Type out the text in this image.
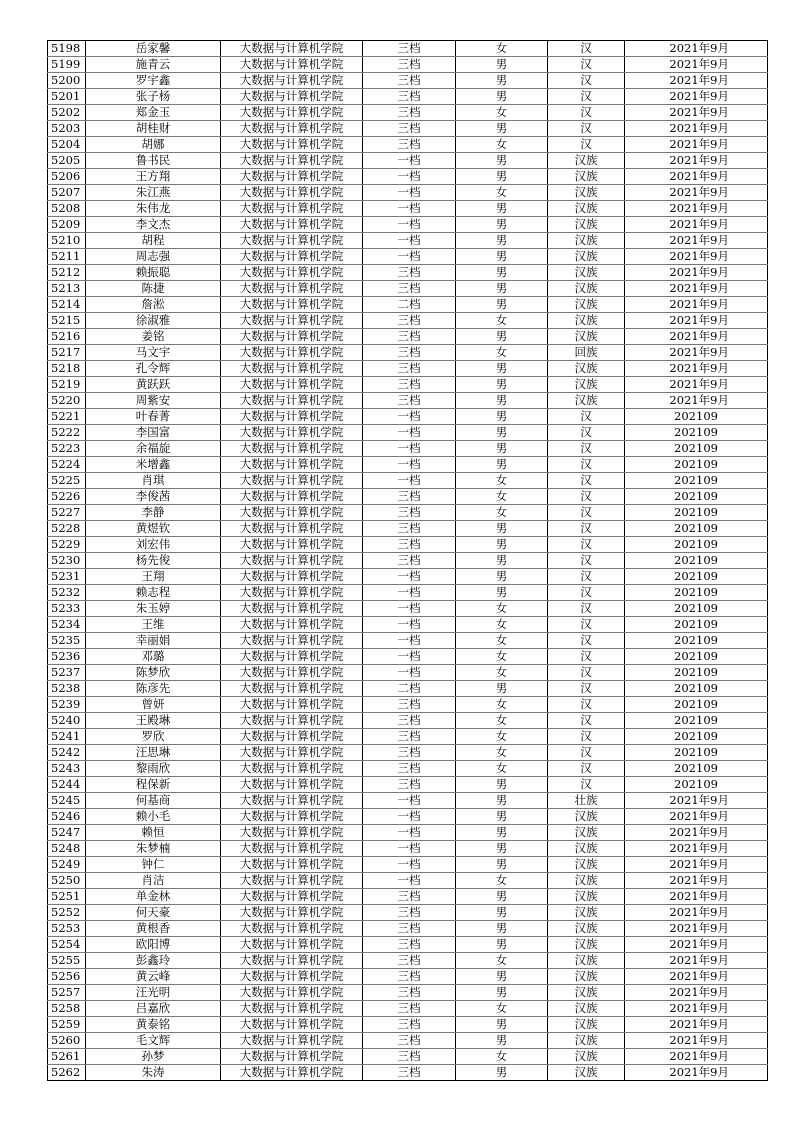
5198	岳家馨	大数据与计算机学院	三档	女	汉	2021年9月
5199	施青云	大数据与计算机学院	三档	男	汉	2021年9月
5200	罗宇鑫	大数据与计算机学院	三档	男	汉	2021年9月
5201	张子杨	大数据与计算机学院	三档	男	汉	2021年9月
5202	郑金玉	大数据与计算机学院	三档	女	汉	2021年9月
5203	胡桂财	大数据与计算机学院	三档	男	汉	2021年9月
5204	胡娜	大数据与计算机学院	三档	女	汉	2021年9月
5205	鲁书民	大数据与计算机学院	一档	男	汉族	2021年9月
5206	王方翔	大数据与计算机学院	一档	男	汉族	2021年9月
5207	朱江燕	大数据与计算机学院	一档	女	汉族	2021年9月
5208	朱伟龙	大数据与计算机学院	一档	男	汉族	2021年9月
5209	李文杰	大数据与计算机学院	一档	男	汉族	2021年9月
5210	胡程	大数据与计算机学院	一档	男	汉族	2021年9月
5211	周志强	大数据与计算机学院	一档	男	汉族	2021年9月
5212	赖振聪	大数据与计算机学院	三档	男	汉族	2021年9月
5213	陈捷	大数据与计算机学院	三档	男	汉族	2021年9月
5214	詹淞	大数据与计算机学院	二档	男	汉族	2021年9月
5215	徐淑雅	大数据与计算机学院	三档	女	汉族	2021年9月
5216	姜铭	大数据与计算机学院	三档	男	汉族	2021年9月
5217	马文宇	大数据与计算机学院	三档	女	回族	2021年9月
5218	孔令辉	大数据与计算机学院	三档	男	汉族	2021年9月
5219	黄跃跃	大数据与计算机学院	三档	男	汉族	2021年9月
5220	周紫安	大数据与计算机学院	三档	男	汉族	2021年9月
5221	叶春菁	大数据与计算机学院	一档	男	汉	202109
5222	李国富	大数据与计算机学院	一档	男	汉	202109
5223	余福旋	大数据与计算机学院	一档	男	汉	202109
5224	米增鑫	大数据与计算机学院	一档	男	汉	202109
5225	肖琪	大数据与计算机学院	一档	女	汉	202109
5226	李俊茜	大数据与计算机学院	三档	女	汉	202109
5227	李静	大数据与计算机学院	三档	女	汉	202109
5228	黄煜钦	大数据与计算机学院	三档	男	汉	202109
5229	刘宏伟	大数据与计算机学院	三档	男	汉	202109
5230	杨先俊	大数据与计算机学院	三档	男	汉	202109
5231	王翔	大数据与计算机学院	一档	男	汉	202109
5232	赖志程	大数据与计算机学院	一档	男	汉	202109
5233	朱玉婷	大数据与计算机学院	一档	女	汉	202109
5234	王维	大数据与计算机学院	一档	女	汉	202109
5235	幸丽娟	大数据与计算机学院	一档	女	汉	202109
5236	邓璐	大数据与计算机学院	一档	女	汉	202109
5237	陈梦欣	大数据与计算机学院	一档	女	汉	202109
5238	陈彦先	大数据与计算机学院	二档	男	汉	202109
5239	曾妍	大数据与计算机学院	三档	女	汉	202109
5240	王殿琳	大数据与计算机学院	三档	女	汉	202109
5241	罗欣	大数据与计算机学院	三档	女	汉	202109
5242	汪思琳	大数据与计算机学院	三档	女	汉	202109
5243	黎雨欣	大数据与计算机学院	三档	女	汉	202109
5244	程保新	大数据与计算机学院	三档	男	汉	202109
5245	何基商	大数据与计算机学院	一档	男	壮族	2021年9月
5246	赖小毛	大数据与计算机学院	一档	男	汉族	2021年9月
5247	赖恒	大数据与计算机学院	一档	男	汉族	2021年9月
5248	朱梦楠	大数据与计算机学院	一档	男	汉族	2021年9月
5249	钟仁	大数据与计算机学院	一档	男	汉族	2021年9月
5250	肖洁	大数据与计算机学院	一档	女	汉族	2021年9月
5251	单金林	大数据与计算机学院	三档	男	汉族	2021年9月
5252	何天豪	大数据与计算机学院	三档	男	汉族	2021年9月
5253	黄根香	大数据与计算机学院	三档	男	汉族	2021年9月
5254	欧阳博	大数据与计算机学院	三档	男	汉族	2021年9月
5255	彭鑫玲	大数据与计算机学院	三档	女	汉族	2021年9月
5256	黄云峰	大数据与计算机学院	三档	男	汉族	2021年9月
5257	汪光明	大数据与计算机学院	三档	男	汉族	2021年9月
5258	吕嘉欣	大数据与计算机学院	三档	女	汉族	2021年9月
5259	黄泰铭	大数据与计算机学院	三档	男	汉族	2021年9月
5260	毛文辉	大数据与计算机学院	三档	男	汉族	2021年9月
5261	孙梦	大数据与计算机学院	三档	女	汉族	2021年9月
5262	朱涛	大数据与计算机学院	三档	男	汉族	2021年9月
